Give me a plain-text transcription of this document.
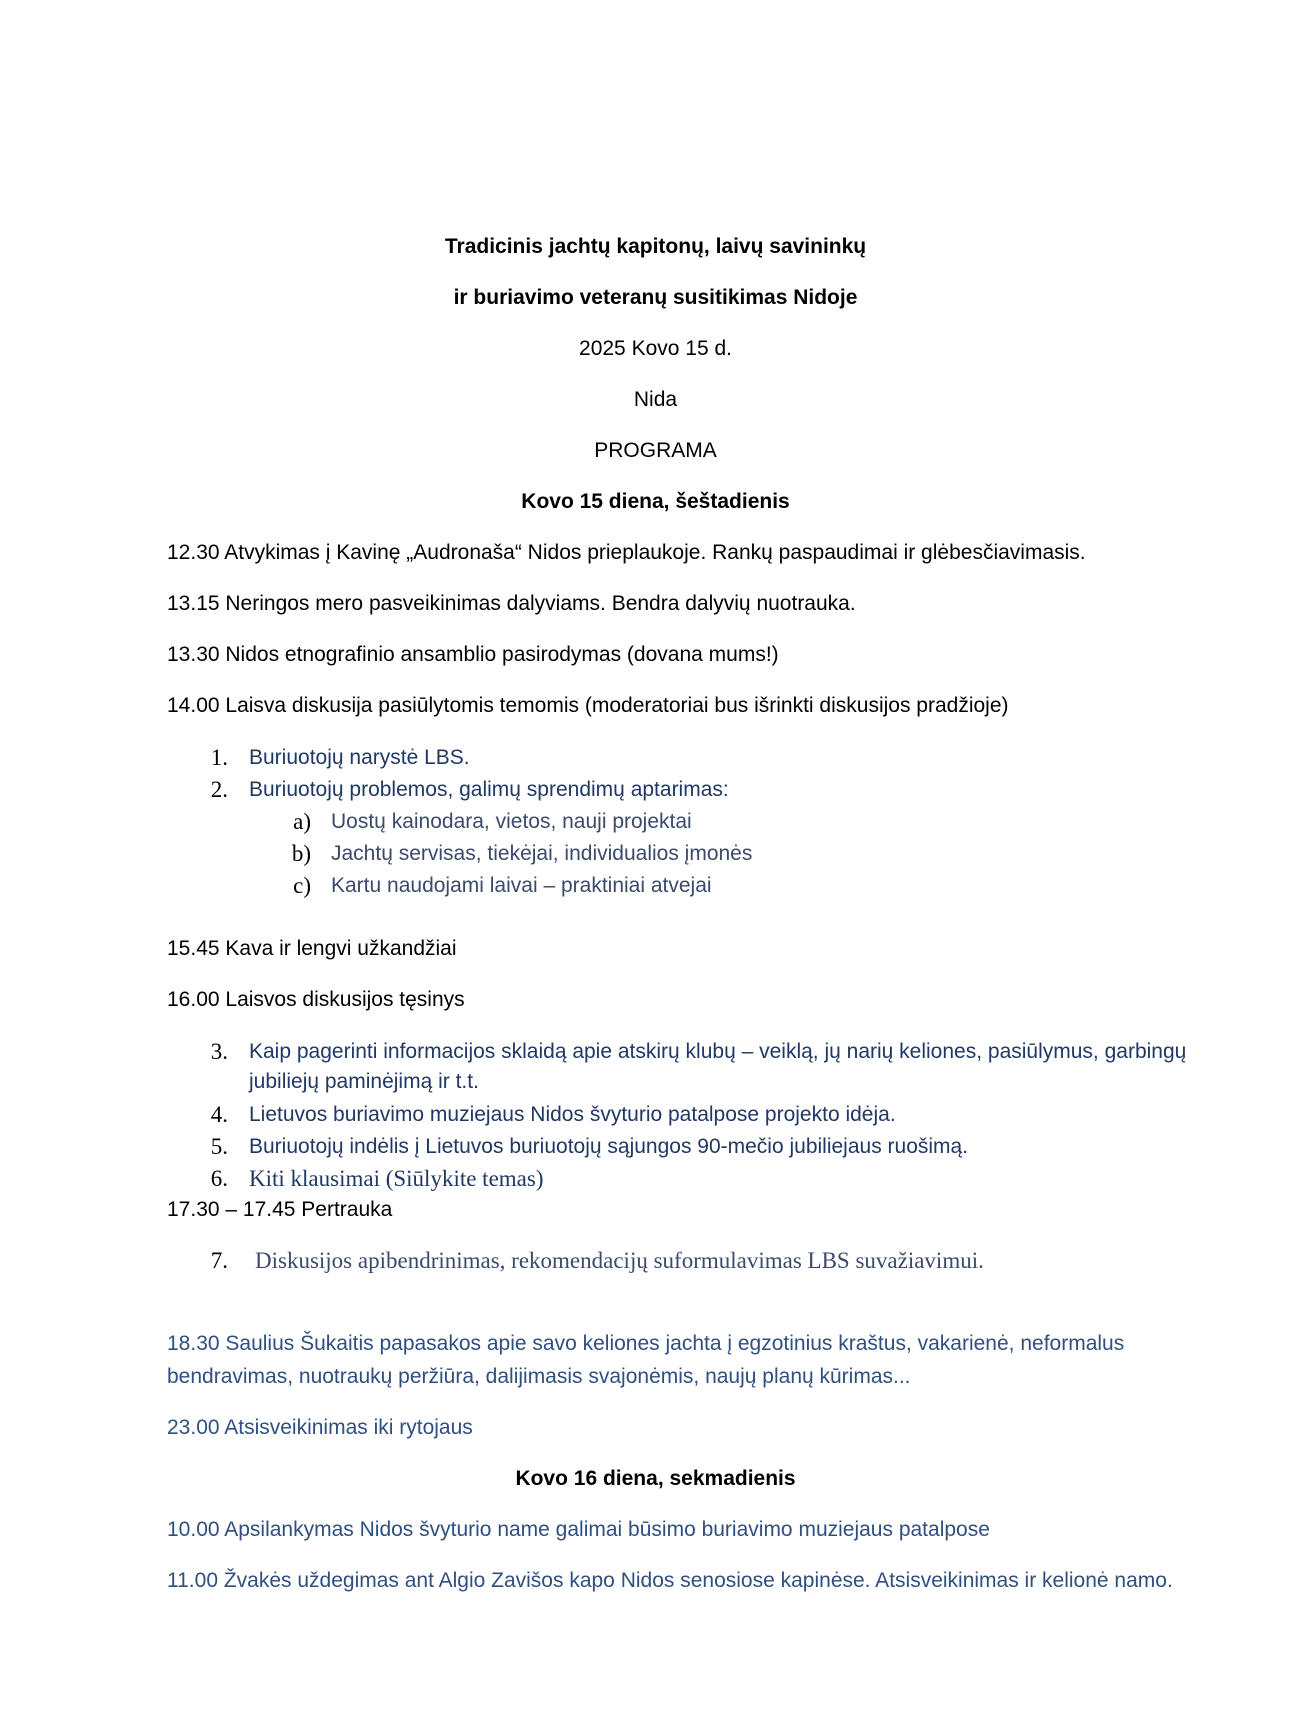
Tradicinis jachtų kapitonų, laivų savininkų
ir buriavimo veteranų susitikimas Nidoje
2025 Kovo 15 d.
Nida
PROGRAMA
Kovo 15 diena, šeštadienis
12.30 Atvykimas į Kavinę „Audronaša“ Nidos prieplaukoje. Rankų paspaudimai ir glėbesčiavimasis.
13.15 Neringos mero pasveikinimas dalyviams. Bendra dalyvių nuotrauka.
13.30 Nidos etnografinio ansamblio pasirodymas (dovana mums!)
14.00 Laisva diskusija pasiūlytomis temomis (moderatoriai bus išrinkti diskusijos pradžioje)
1. Buriuotojų narystė LBS.
2. Buriuotojų problemos, galimų sprendimų aptarimas:
a) Uostų kainodara, vietos, nauji projektai
b) Jachtų servisas, tiekėjai, individualios įmonės
c) Kartu naudojami laivai – praktiniai atvejai
15.45 Kava ir lengvi užkandžiai
16.00 Laisvos diskusijos tęsinys
3. Kaip pagerinti informacijos sklaidą apie atskirų klubų – veiklą, jų narių keliones, pasiūlymus, garbingų
jubiliejų paminėjimą ir t.t.
4. Lietuvos buriavimo muziejaus Nidos švyturio patalpose projekto idėja.
5. Buriuotojų indėlis į Lietuvos buriuotojų sąjungos 90-mečio jubiliejaus ruošimą.
6. Kiti klausimai (Siūlykite temas)
17.30 – 17.45 Pertrauka
7. Diskusijos apibendrinimas, rekomendacijų suformulavimas LBS suvažiavimui.
18.30 Saulius Šukaitis papasakos apie savo keliones jachta į egzotinius kraštus, vakarienė, neformalus
bendravimas, nuotraukų peržiūra, dalijimasis svajonėmis, naujų planų kūrimas...
23.00 Atsisveikinimas iki rytojaus
Kovo 16 diena, sekmadienis
10.00 Apsilankymas Nidos švyturio name galimai būsimo buriavimo muziejaus patalpose
11.00 Žvakės uždegimas ant Algio Zavišos kapo Nidos senosiose kapinėse. Atsisveikinimas ir kelionė namo.
